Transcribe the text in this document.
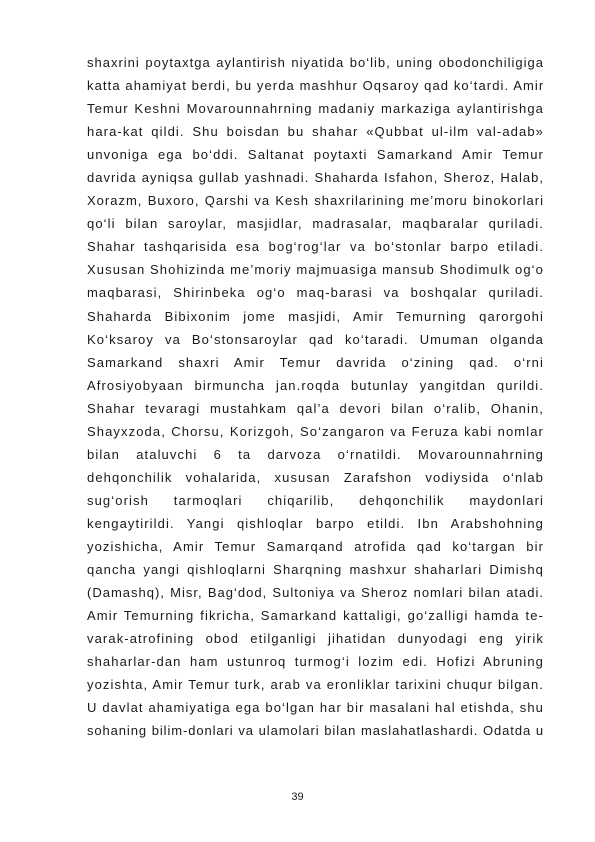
shaxrini poytaxtga aylantirish niyatida bo‘lib, uning obodonchiligiga
katta ahamiyat berdi, bu yerda mashhur Oqsaroy qad ko‘tardi. Amir
Temur Keshni Movarounnahrning madaniy markaziga aylantirishga
hara-kat qildi. Shu boisdan bu shahar «Qubbat ul-ilm val-adab»
unvoniga ega bo‘ddi. Saltanat poytaxti Samarkand Amir Temur
davrida ayniqsa gullab yashnadi. Shaharda Isfahon, Sheroz, Halab,
Xorazm, Buxoro, Qarshi va Kesh shaxrilarining me’moru binokorlari
qo‘li bilan saroylar, masjidlar, madrasalar, maqbaralar quriladi.
Shahar tashqarisida esa bog‘rog‘lar va bo‘stonlar barpo etiladi.
Xususan Shohizinda me’moriy majmuasiga mansub Shodimulk og‘o
maqbarasi, Shirinbeka og‘o maq-barasi va boshqalar quriladi.
Shaharda Bibixonim jome masjidi, Amir Temurning qarorgohi
Ko‘ksaroy va Bo‘stonsaroylar qad ko‘taradi. Umuman olganda
Samarkand shaxri Amir Temur davrida o‘zining qad. o‘rni
Afrosiyobyaan birmuncha jan.roqda butunlay yangitdan qurildi.
Shahar tevaragi mustahkam qal’a devori bilan o‘ralib, Ohanin,
Shayxzoda, Chorsu, Korizgoh, So‘zangaron va Feruza kabi nomlar
bilan ataluvchi 6 ta darvoza o‘rnatildi. Movarounnahrning
dehqonchilik vohalarida, xususan Zarafshon vodiysida o‘nlab
sug‘orish tarmoqlari chiqarilib, dehqonchilik maydonlari
kengaytirildi. Yangi qishloqlar barpo etildi. Ibn Arabshohning
yozishicha, Amir Temur Samarqand atrofida qad ko‘targan bir
qancha yangi qishloqlarni Sharqning mashxur shaharlari Dimishq
(Damashq), Misr, Bag‘dod, Sultoniya va Sheroz nomlari bilan atadi.
Amir Temurning fikricha, Samarkand kattaligi, go‘zalligi hamda te-
varak-atrofining obod etilganligi jihatidan dunyodagi eng yirik
shaharlar-dan ham ustunroq turmog‘i lozim edi. Hofizi Abruning
yozishta, Amir Temur turk, arab va eronliklar tarixini chuqur bilgan.
U davlat ahamiyatiga ega bo‘lgan har bir masalani hal etishda, shu
sohaning bilim-donlari va ulamolari bilan maslahatlashardi. Odatda u
39
